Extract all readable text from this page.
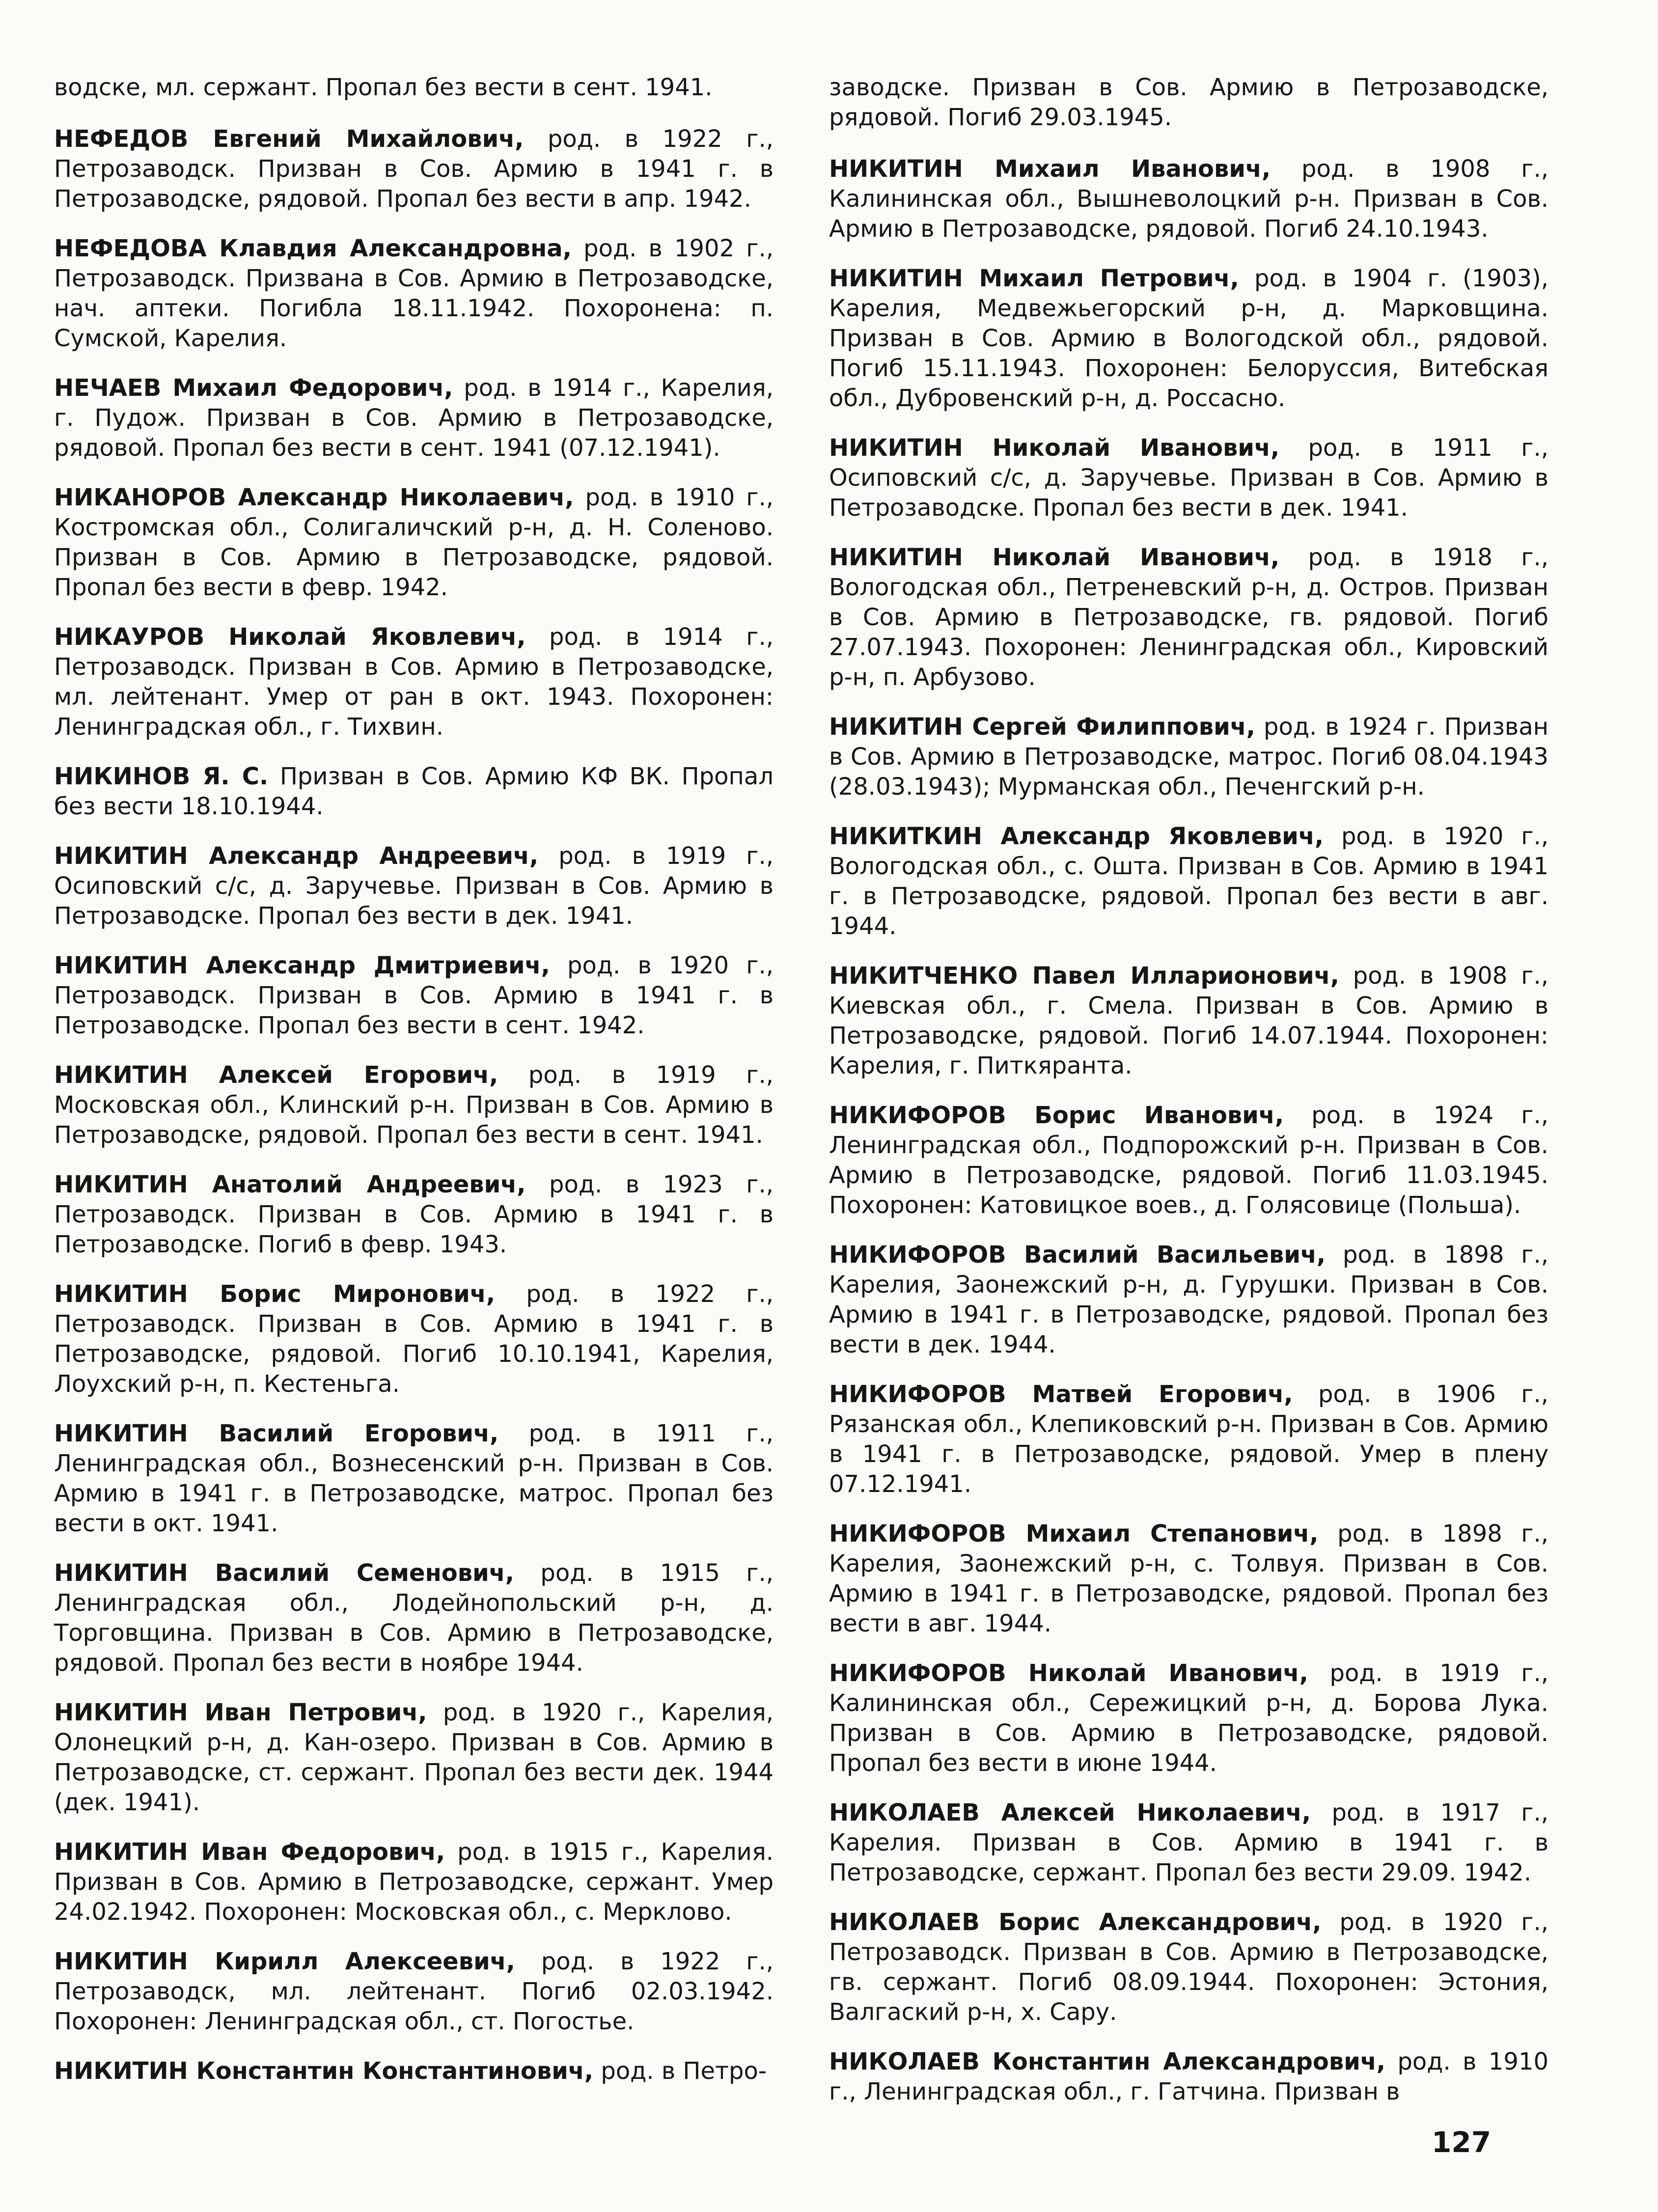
водске, мл. сержант. Пропал без вести в сент. 1941.

НЕФЕДОВ Евгений Михайлович, род. в 1922 г., Петрозаводск. Призван в Сов. Армию в 1941 г. в Петрозаводске, рядовой. Пропал без вести в апр. 1942.

НЕФЕДОВА Клавдия Александровна, род. в 1902 г., Петрозаводск. Призвана в Сов. Армию в Петрозаводске, нач. аптеки. Погибла 18.11.1942. Похоронена: п. Сумской, Карелия.

НЕЧАЕВ Михаил Федорович, род. в 1914 г., Карелия, г. Пудож. Призван в Сов. Армию в Петрозаводске, рядовой. Пропал без вести в сент. 1941 (07.12.1941).

НИКАНОРОВ Александр Николаевич, род. в 1910 г., Костромская обл., Солигаличский р-н, д. Н. Соленово. Призван в Сов. Армию в Петрозаводске, рядовой. Пропал без вести в февр. 1942.

НИКАУРОВ Николай Яковлевич, род. в 1914 г., Петрозаводск. Призван в Сов. Армию в Петрозаводске, мл. лейтенант. Умер от ран в окт. 1943. Похоронен: Ленинградская обл., г. Тихвин.

НИКИНОВ Я. С. Призван в Сов. Армию КФ ВК. Пропал без вести 18.10.1944.

НИКИТИН Александр Андреевич, род. в 1919 г., Осиповский с/с, д. Заручевье. Призван в Сов. Армию в Петрозаводске. Пропал без вести в дек. 1941.

НИКИТИН Александр Дмитриевич, род. в 1920 г., Петрозаводск. Призван в Сов. Армию в 1941 г. в Петрозаводске. Пропал без вести в сент. 1942.

НИКИТИН Алексей Егорович, род. в 1919 г., Московская обл., Клинский р-н. Призван в Сов. Армию в Петрозаводске, рядовой. Пропал без вести в сент. 1941.

НИКИТИН Анатолий Андреевич, род. в 1923 г., Петрозаводск. Призван в Сов. Армию в 1941 г. в Петрозаводске. Погиб в февр. 1943.

НИКИТИН Борис Миронович, род. в 1922 г., Петрозаводск. Призван в Сов. Армию в 1941 г. в Петрозаводске, рядовой. Погиб 10.10.1941, Карелия, Лоухский р-н, п. Кестеньга.

НИКИТИН Василий Егорович, род. в 1911 г., Ленинградская обл., Вознесенский р-н. Призван в Сов. Армию в 1941 г. в Петрозаводске, матрос. Пропал без вести в окт. 1941.

НИКИТИН Василий Семенович, род. в 1915 г., Ленинградская обл., Лодейнопольский р-н, д. Торговщина. Призван в Сов. Армию в Петрозаводске, рядовой. Пропал без вести в ноябре 1944.

НИКИТИН Иван Петрович, род. в 1920 г., Карелия, Олонецкий р-н, д. Кан-озеро. Призван в Сов. Армию в Петрозаводске, ст. сержант. Пропал без вести дек. 1944 (дек. 1941).

НИКИТИН Иван Федорович, род. в 1915 г., Карелия. Призван в Сов. Армию в Петрозаводске, сержант. Умер 24.02.1942. Похоронен: Московская обл., с. Мерклово.

НИКИТИН Кирилл Алексеевич, род. в 1922 г., Петрозаводск, мл. лейтенант. Погиб 02.03.1942. Похоронен: Ленинградская обл., ст. Погостье.

НИКИТИН Константин Константинович, род. в Петро-

заводске. Призван в Сов. Армию в Петрозаводске, рядовой. Погиб 29.03.1945.

НИКИТИН Михаил Иванович, род. в 1908 г., Калининская обл., Вышневолоцкий р-н. Призван в Сов. Армию в Петрозаводске, рядовой. Погиб 24.10.1943.

НИКИТИН Михаил Петрович, род. в 1904 г. (1903), Карелия, Медвежьегорский р-н, д. Марковщина. Призван в Сов. Армию в Вологодской обл., рядовой. Погиб 15.11.1943. Похоронен: Белоруссия, Витебская обл., Дубровенский р-н, д. Россасно.

НИКИТИН Николай Иванович, род. в 1911 г., Осиповский с/с, д. Заручевье. Призван в Сов. Армию в Петрозаводске. Пропал без вести в дек. 1941.

НИКИТИН Николай Иванович, род. в 1918 г., Вологодская обл., Петреневский р-н, д. Остров. Призван в Сов. Армию в Петрозаводске, гв. рядовой. Погиб 27.07.1943. Похоронен: Ленинградская обл., Кировский р-н, п. Арбузово.

НИКИТИН Сергей Филиппович, род. в 1924 г. Призван в Сов. Армию в Петрозаводске, матрос. Погиб 08.04.1943 (28.03.1943); Мурманская обл., Печенгский р-н.

НИКИТКИН Александр Яковлевич, род. в 1920 г., Вологодская обл., с. Ошта. Призван в Сов. Армию в 1941 г. в Петрозаводске, рядовой. Пропал без вести в авг. 1944.

НИКИТЧЕНКО Павел Илларионович, род. в 1908 г., Киевская обл., г. Смела. Призван в Сов. Армию в Петрозаводске, рядовой. Погиб 14.07.1944. Похоронен: Карелия, г. Питкяранта.

НИКИФОРОВ Борис Иванович, род. в 1924 г., Ленинградская обл., Подпорожский р-н. Призван в Сов. Армию в Петрозаводске, рядовой. Погиб 11.03.1945. Похоронен: Катовицкое воев., д. Голясовице (Польша).

НИКИФОРОВ Василий Васильевич, род. в 1898 г., Карелия, Заонежский р-н, д. Гурушки. Призван в Сов. Армию в 1941 г. в Петрозаводске, рядовой. Пропал без вести в дек. 1944.

НИКИФОРОВ Матвей Егорович, род. в 1906 г., Рязанская обл., Клепиковский р-н. Призван в Сов. Армию в 1941 г. в Петрозаводске, рядовой. Умер в плену 07.12.1941.

НИКИФОРОВ Михаил Степанович, род. в 1898 г., Карелия, Заонежский р-н, с. Толвуя. Призван в Сов. Армию в 1941 г. в Петрозаводске, рядовой. Пропал без вести в авг. 1944.

НИКИФОРОВ Николай Иванович, род. в 1919 г., Калининская обл., Сережицкий р-н, д. Борова Лука. Призван в Сов. Армию в Петрозаводске, рядовой. Пропал без вести в июне 1944.

НИКОЛАЕВ Алексей Николаевич, род. в 1917 г., Карелия. Призван в Сов. Армию в 1941 г. в Петрозаводске, сержант. Пропал без вести 29.09. 1942.

НИКОЛАЕВ Борис Александрович, род. в 1920 г., Петрозаводск. Призван в Сов. Армию в Петрозаводске, гв. сержант. Погиб 08.09.1944. Похоронен: Эстония, Валгаский р-н, х. Сару.

НИКОЛАЕВ Константин Александрович, род. в 1910 г., Ленинградская обл., г. Гатчина. Призван в

127
